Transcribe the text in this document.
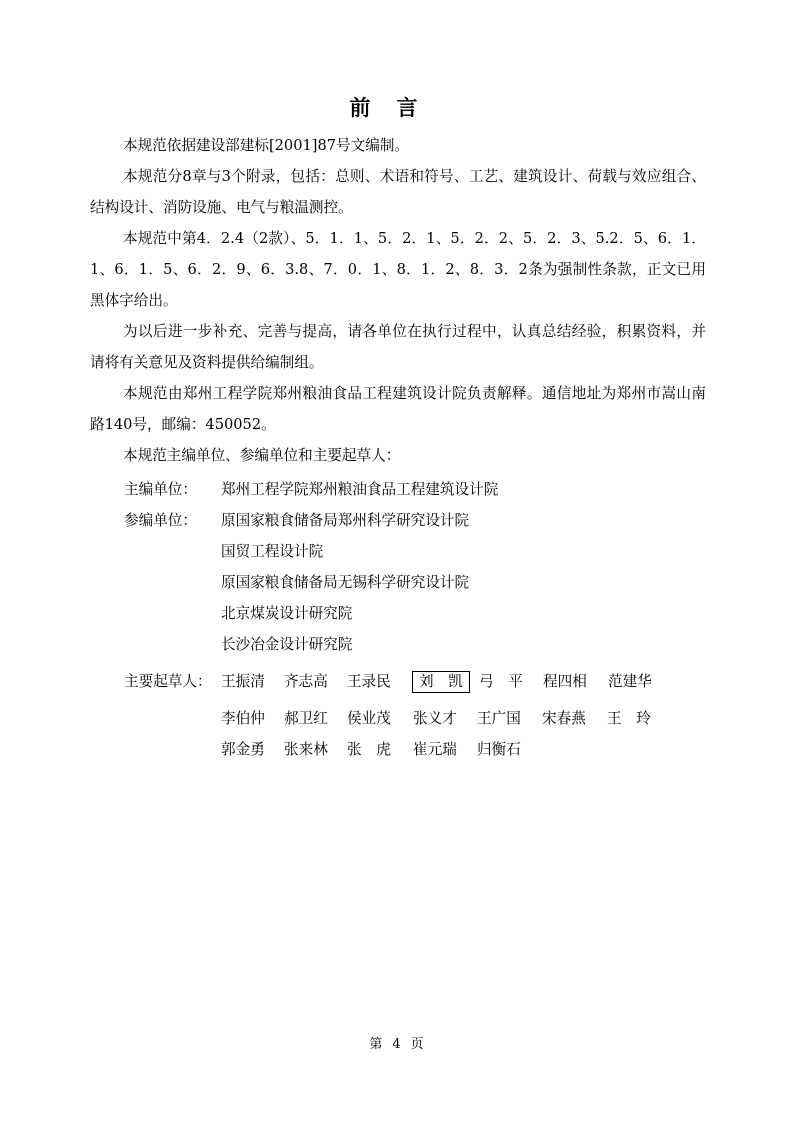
前言

本规范依据建设部建标[2001]87号文编制。

本规范分8章与3个附录，包括：总则、术语和符号、工艺、建筑设计、荷载与效应组合、结构设计、消防设施、电气与粮温测控。

本规范中第4．2.4（2款）、5．1．1、5．2．1、5．2．2、5．2．3、5.2．5、6．1．1、6．1．5、6．2．9、6．3.8、7．0．1、8．1．2、8．3．2条为强制性条款，正文已用黑体字给出。

为以后进一步补充、完善与提高，请各单位在执行过程中，认真总结经验，积累资料，并请将有关意见及资料提供给编制组。

本规范由郑州工程学院郑州粮油食品工程建筑设计院负责解释。通信地址为郑州市嵩山南路140号，邮编：450052。

本规范主编单位、参编单位和主要起草人：

主编单位： 郑州工程学院郑州粮油食品工程建筑设计院
参编单位： 原国家粮食储备局郑州科学研究设计院
国贸工程设计院
原国家粮食储备局无锡科学研究设计院
北京煤炭设计研究院
长沙冶金设计研究院
主要起草人： 王振清 齐志高 王录民	刘　凯	弓　平 程四相 范建华
李伯仲 郝卫红 侯业茂 张义才 王广国 宋春燕 王　玲
郭金勇 张来林 张　虎 崔元瑞 归衡石
第 4 页
